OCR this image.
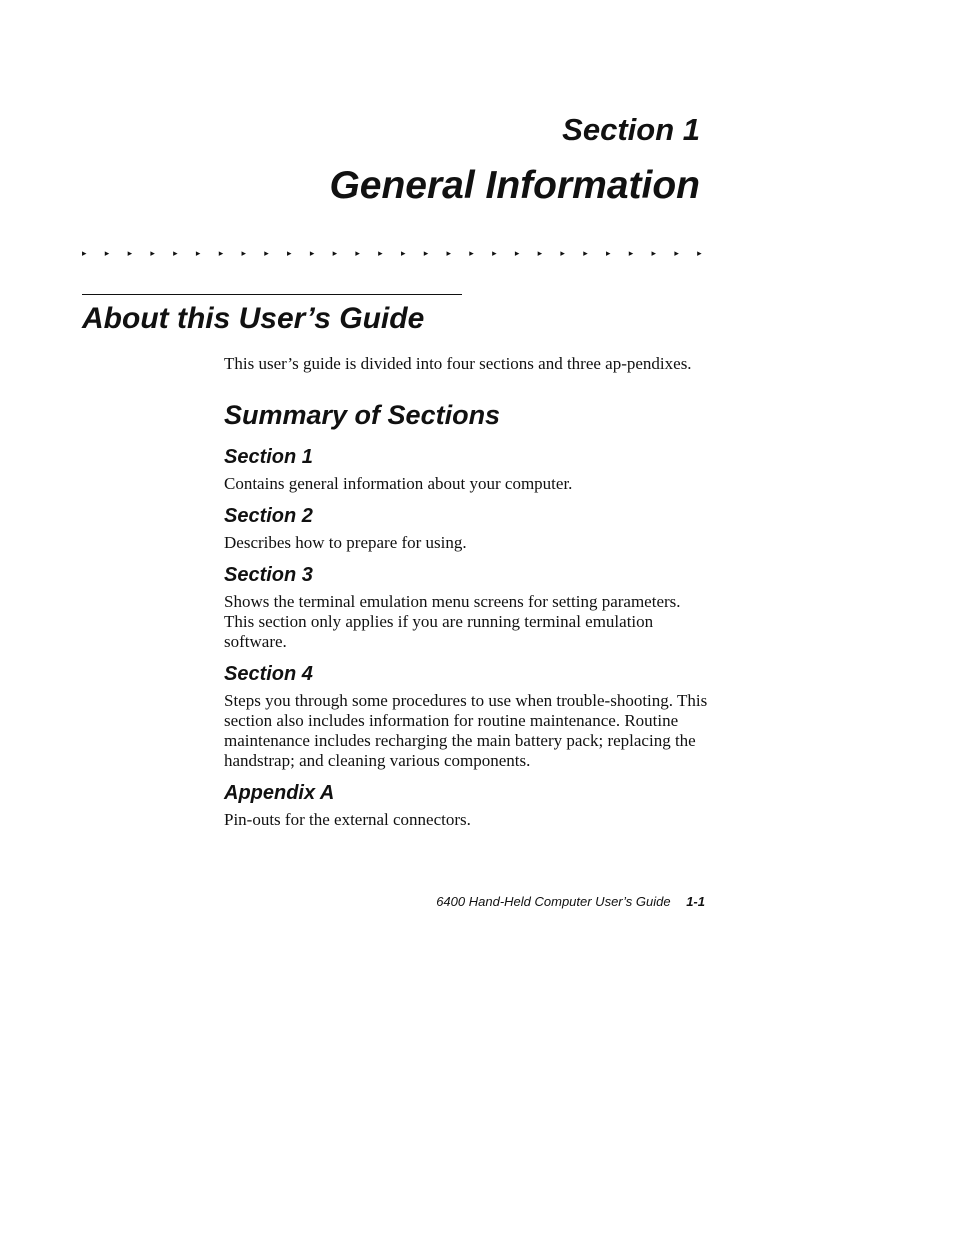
Section 1
General Information
▸ ▸ ▸ ▸ ▸ ▸ ▸ ▸ ▸ ▸ ▸ ▸ ▸ ▸ ▸ ▸ ▸ ▸ ▸ ▸ ▸ ▸ ▸ ▸ ▸ ▸ ▸ ▸
About this User’s Guide

This user’s guide is divided into four sections and three ap-pendixes.

Summary of Sections
Section 1

Contains general information about your computer.

Section 2

Describes how to prepare for using.

Section 3

Shows the terminal emulation menu screens for setting parameters. This section only applies if you are running terminal emulation software.

Section 4

Steps you through some procedures to use when trouble-shooting. This section also includes information for routine maintenance. Routine maintenance includes recharging the main battery pack; replacing the handstrap; and cleaning various components.

Appendix A

Pin-outs for the external connectors.

6400 Hand-Held Computer User’s Guide 1-1
